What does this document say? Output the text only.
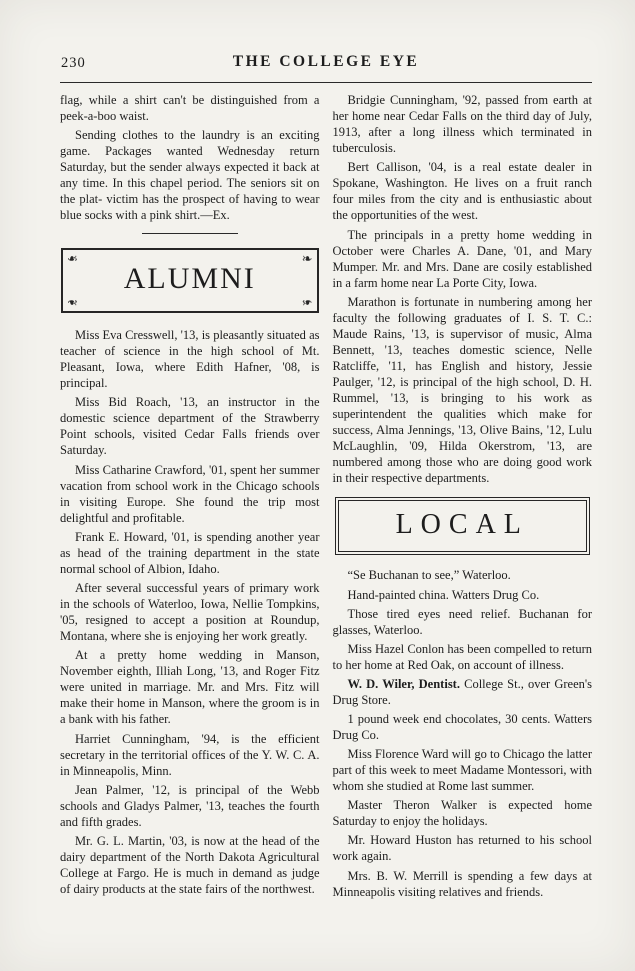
230	THE COLLEGE EYE

flag, while a shirt can't be distinguished from a peek-a-boo waist.

Sending clothes to the laundry is an exciting game. Packages wanted Wednesday return Saturday, but the sender always expected it back at any time. In this chapel period. The seniors sit on the plat- victim has the prospect of having to wear blue socks with a pink shirt.—Ex.

❧	❧
❧	❧
ALUMNI

Miss Eva Cresswell, '13, is pleasantly situated as teacher of science in the high school of Mt. Pleasant, Iowa, where Edith Hafner, '08, is principal.

Miss Bid Roach, '13, an instructor in the domestic science department of the Strawberry Point schools, visited Cedar Falls friends over Saturday.

Miss Catharine Crawford, '01, spent her summer vacation from school work in the Chicago schools in visiting Europe. She found the trip most delightful and profitable.

Frank E. Howard, '01, is spending another year as head of the training department in the state normal school of Albion, Idaho.

After several successful years of primary work in the schools of Waterloo, Iowa, Nellie Tompkins, '05, resigned to accept a position at Roundup, Montana, where she is enjoying her work greatly.

At a pretty home wedding in Manson, November eighth, Illiah Long, '13, and Roger Fitz were united in marriage. Mr. and Mrs. Fitz will make their home in Manson, where the groom is in a bank with his father.

Harriet Cunningham, '94, is the efficient secretary in the territorial offices of the Y. W. C. A. in Minneapolis, Minn.

Jean Palmer, '12, is principal of the Webb schools and Gladys Palmer, '13, teaches the fourth and fifth grades.

Mr. G. L. Martin, '03, is now at the head of the dairy department of the North Dakota Agricultural College at Fargo. He is much in demand as judge of dairy products at the state fairs of the northwest.

Bridgie Cunningham, '92, passed from earth at her home near Cedar Falls on the third day of July, 1913, after a long illness which terminated in tuberculosis.

Bert Callison, '04, is a real estate dealer in Spokane, Washington. He lives on a fruit ranch four miles from the city and is enthusiastic about the opportunities of the west.

The principals in a pretty home wedding in October were Charles A. Dane, '01, and Mary Mumper. Mr. and Mrs. Dane are cosily established in a farm home near La Porte City, Iowa.

Marathon is fortunate in numbering among her faculty the following graduates of I. S. T. C.: Maude Rains, '13, is supervisor of music, Alma Bennett, '13, teaches domestic science, Nelle Ratcliffe, '11, has English and history, Jessie Paulger, '12, is principal of the high school, D. H. Rummel, '13, is bringing to his work as superintendent the qualities which make for success, Alma Jennings, '13, Olive Bains, '12, Lulu McLaughlin, '09, Hilda Okerstrom, '13, are numbered among those who are doing good work in their respective departments.

LOCAL

“Se Buchanan to see,” Waterloo.

Hand-painted china. Watters Drug Co.

Those tired eyes need relief. Buchanan for glasses, Waterloo.

Miss Hazel Conlon has been compelled to return to her home at Red Oak, on account of illness.

W. D. Wiler, Dentist. College St., over Green's Drug Store.

1 pound week end chocolates, 30 cents. Watters Drug Co.

Miss Florence Ward will go to Chicago the latter part of this week to meet Madame Montessori, with whom she studied at Rome last summer.

Master Theron Walker is expected home Saturday to enjoy the holidays.

Mr. Howard Huston has returned to his school work again.

Mrs. B. W. Merrill is spending a few days at Minneapolis visiting relatives and friends.
